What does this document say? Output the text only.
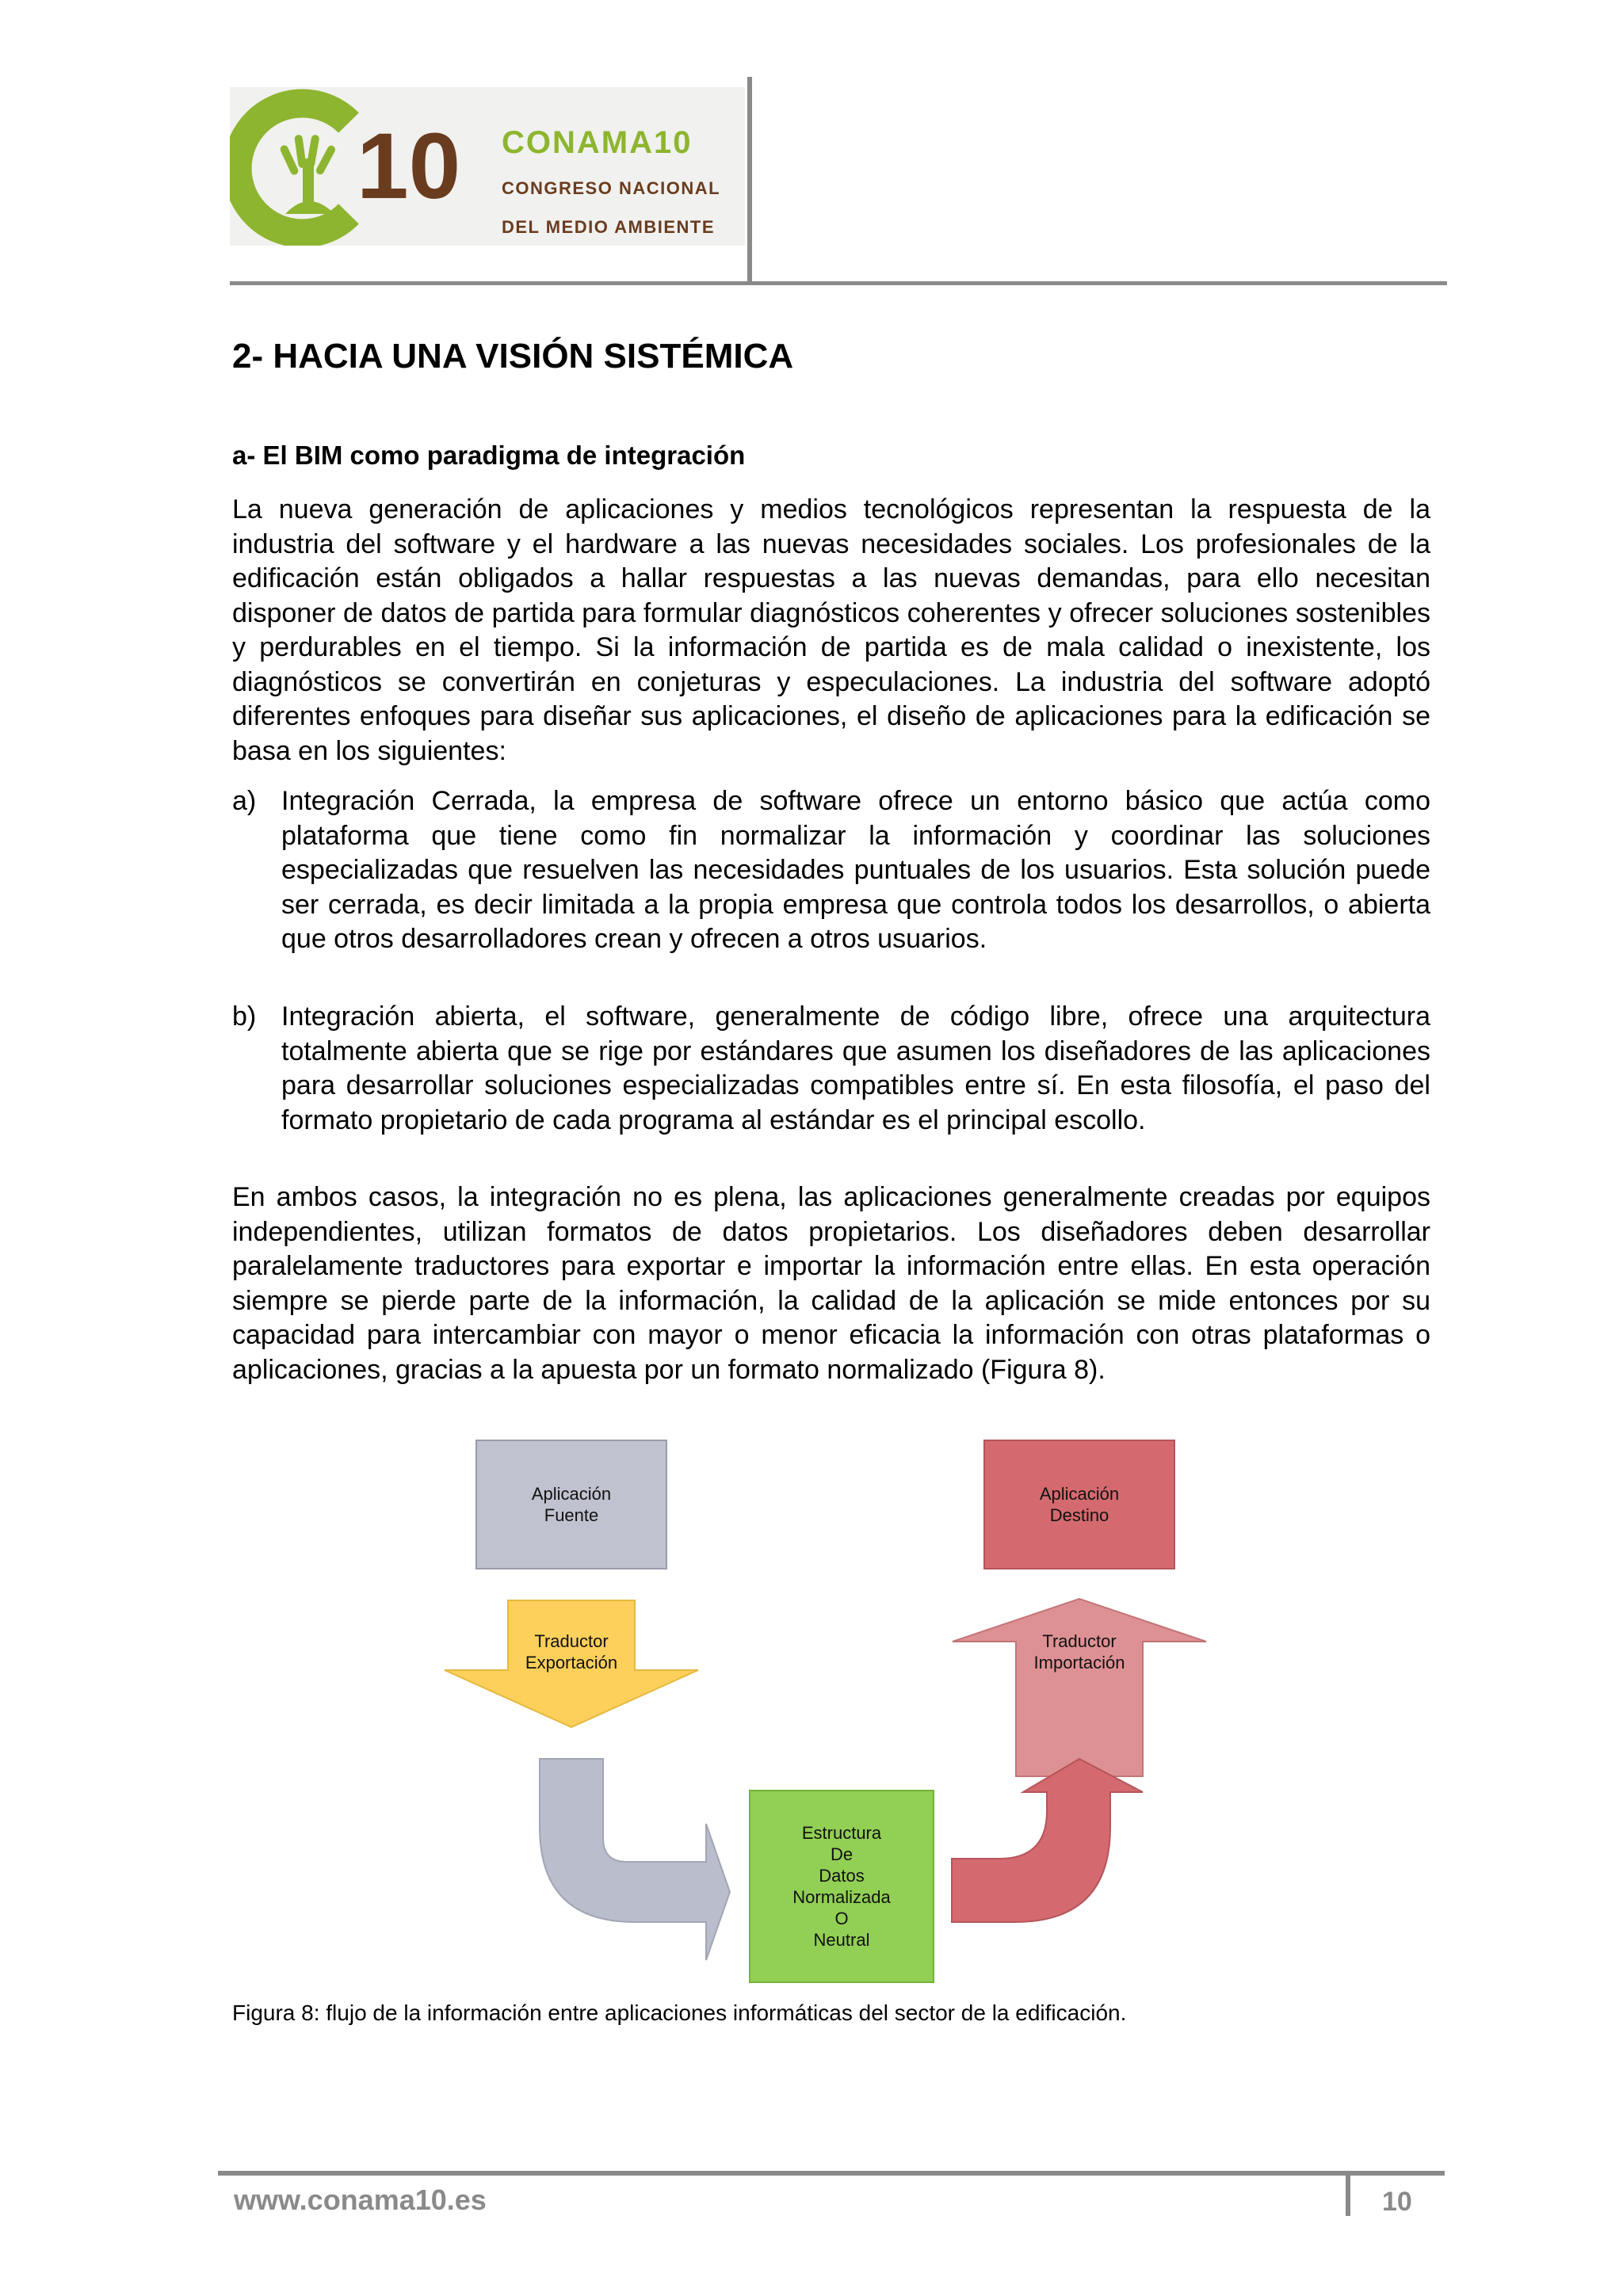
10 CONAMA10
CONGRESO NACIONAL
DEL MEDIO AMBIENTE
2- HACIA UNA VISIÓN SISTÉMICA
a- El BIM como paradigma de integración

La nueva generación de aplicaciones y medios tecnológicos representan la respuesta de la industria del software y el hardware a las nuevas necesidades sociales. Los profesionales de la edificación están obligados a hallar respuestas a las nuevas demandas, para ello necesitan disponer de datos de partida para formular diagnósticos coherentes y ofrecer soluciones sostenibles y perdurables en el tiempo. Si la información de partida es de mala calidad o inexistente, los diagnósticos se convertirán en conjeturas y especulaciones. La industria del software adoptó diferentes enfoques para diseñar sus aplicaciones, el diseño de aplicaciones para la edificación se basa en los siguientes:

a) Integración Cerrada, la empresa de software ofrece un entorno básico que actúa como plataforma que tiene como fin normalizar la información y coordinar las soluciones especializadas que resuelven las necesidades puntuales de los usuarios. Esta solución puede ser cerrada, es decir limitada a la propia empresa que controla todos los desarrollos, o abierta que otros desarrolladores crean y ofrecen a otros usuarios.
b) Integración abierta, el software, generalmente de código libre, ofrece una arquitectura totalmente abierta que se rige por estándares que asumen los diseñadores de las aplicaciones para desarrollar soluciones especializadas compatibles entre sí. En esta filosofía, el paso del formato propietario de cada programa al estándar es el principal escollo.

En ambos casos, la integración no es plena, las aplicaciones generalmente creadas por equipos independientes, utilizan formatos de datos propietarios. Los diseñadores deben desarrollar paralelamente traductores para exportar e importar la información entre ellas. En esta operación siempre se pierde parte de la información, la calidad de la aplicación se mide entonces por su capacidad para intercambiar con mayor o menor eficacia la información con otras plataformas o aplicaciones, gracias a la apuesta por un formato normalizado (Figura 8).

Aplicación
Fuente
Aplicación
Destino
Traductor
Exportación
Traductor
Importación
Estructura
De
Datos
Normalizada
O
Neutral

Figura 8: flujo de la información entre aplicaciones informáticas del sector de la edificación.

www.conama10.es	10
